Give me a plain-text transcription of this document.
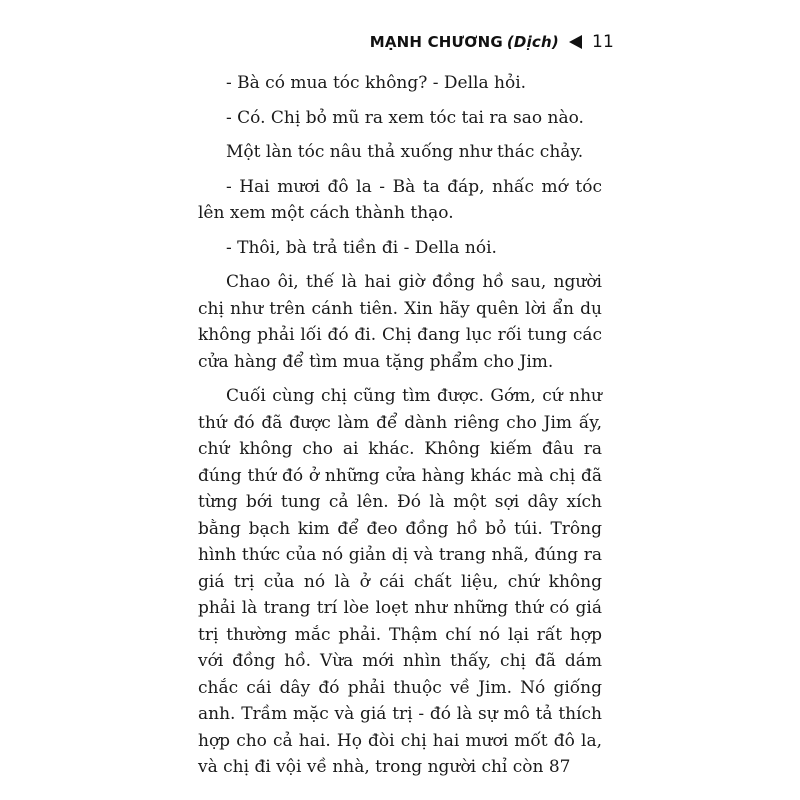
MẠNH CHƯƠNG (Dịch) 11

- Bà có mua tóc không? - Della hỏi.

- Có. Chị bỏ mũ ra xem tóc tai ra sao nào.

Một làn tóc nâu thả xuống như thác chảy.

- Hai mươi đô la - Bà ta đáp, nhấc mớ tóc lên xem một cách thành thạo.

- Thôi, bà trả tiền đi - Della nói.

Chao ôi, thế là hai giờ đồng hồ sau, người chị như trên cánh tiên. Xin hãy quên lời ẩn dụ không phải lối đó đi. Chị đang lục rối tung các cửa hàng để tìm mua tặng phẩm cho Jim.

Cuối cùng chị cũng tìm được. Gớm, cứ như thứ đó đã được làm để dành riêng cho Jim ấy, chứ không cho ai khác. Không kiếm đâu ra đúng thứ đó ở những cửa hàng khác mà chị đã từng bới tung cả lên. Đó là một sợi dây xích bằng bạch kim để đeo đồng hồ bỏ túi. Trông hình thức của nó giản dị và trang nhã, đúng ra giá trị của nó là ở cái chất liệu, chứ không phải là trang trí lòe loẹt như những thứ có giá trị thường mắc phải. Thậm chí nó lại rất hợp với đồng hồ. Vừa mới nhìn thấy, chị đã dám chắc cái dây đó phải thuộc về Jim. Nó giống anh. Trầm mặc và giá trị - đó là sự mô tả thích hợp cho cả hai. Họ đòi chị hai mươi mốt đô la, và chị đi vội về nhà, trong người chỉ còn 87
